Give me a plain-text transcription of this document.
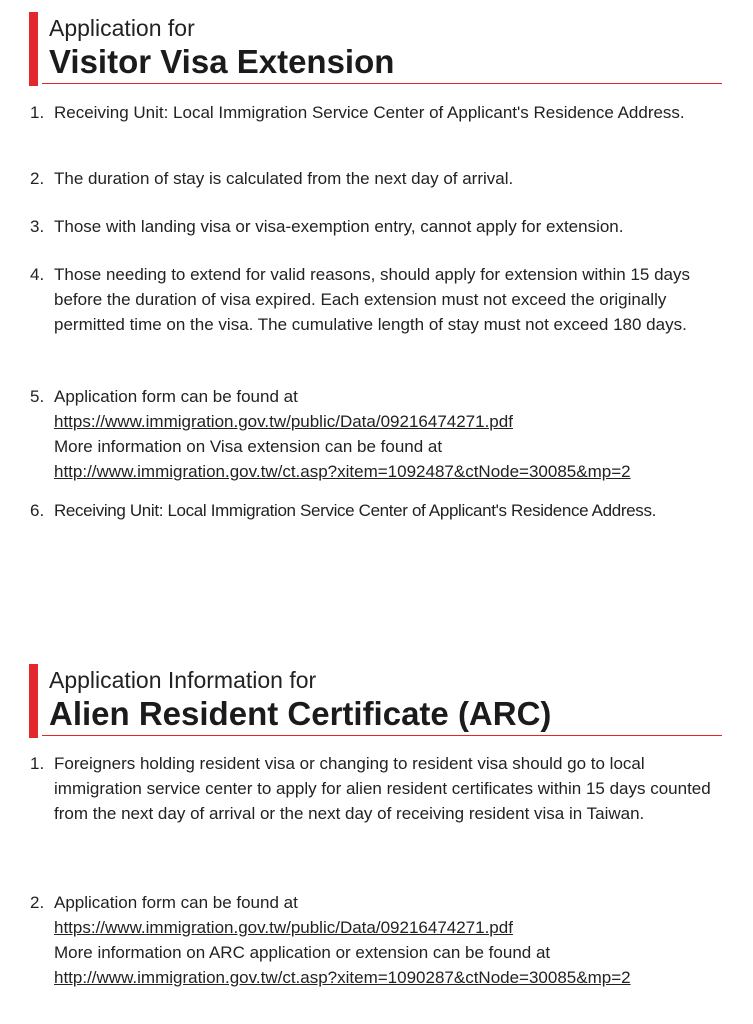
Application for
Visitor Visa Extension
1. Receiving Unit: Local Immigration Service Center of Applicant's Residence Address.
2. The duration of stay is calculated from the next day of arrival.
3. Those with landing visa or visa-exemption entry, cannot apply for extension.
4. Those needing to extend for valid reasons, should apply for extension within 15 days before the duration of visa expired. Each extension must not exceed the originally permitted time on the visa. The cumulative length of stay must not exceed 180 days.
5. Application form can be found at
https://www.immigration.gov.tw/public/Data/09216474271.pdf
More information on Visa extension can be found at
http://www.immigration.gov.tw/ct.asp?xitem=1092487&ctNode=30085&mp=2
6. Receiving Unit: Local Immigration Service Center of Applicant's Residence Address.
Application Information for
Alien Resident Certificate (ARC)
1. Foreigners holding resident visa or changing to resident visa should go to local immigration service center to apply for alien resident certificates within 15 days counted from the next day of arrival or the next day of receiving resident visa in Taiwan.
2. Application form can be found at
https://www.immigration.gov.tw/public/Data/09216474271.pdf
More information on ARC application or extension can be found at
http://www.immigration.gov.tw/ct.asp?xitem=1090287&ctNode=30085&mp=2
